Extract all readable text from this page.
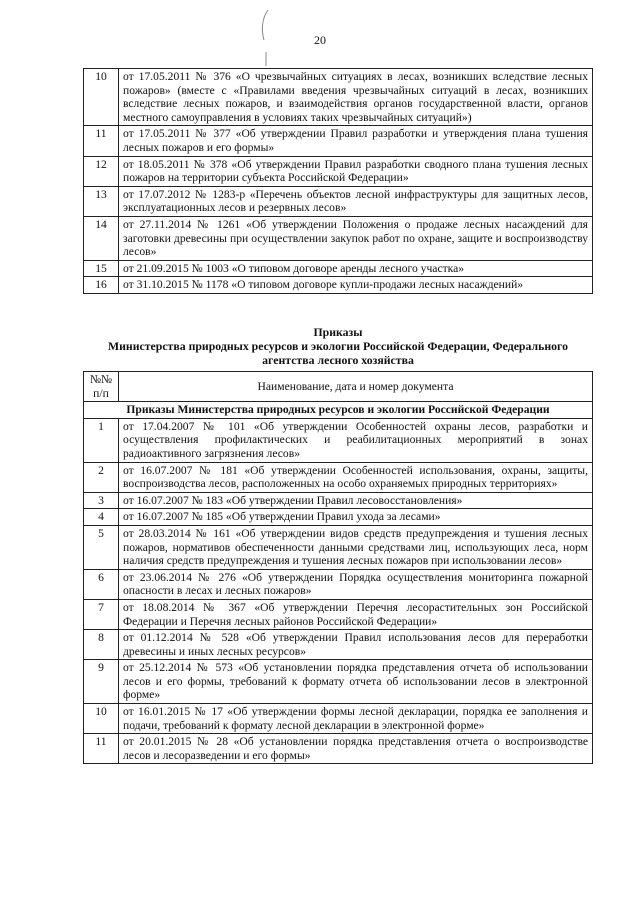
20
10	от 17.05.2011 № 376 «О чрезвычайных ситуациях в лесах, возникших вследствие лесных пожаров» (вместе с «Правилами введения чрезвычайных ситуаций в лесах, возникших вследствие лесных пожаров, и взаимодействия органов государственной власти, органов местного самоуправления в условиях таких чрезвычайных ситуаций»)
11	от 17.05.2011 № 377 «Об утверждении Правил разработки и утверждения плана тушения лесных пожаров и его формы»
12	от 18.05.2011 № 378 «Об утверждении Правил разработки сводного плана тушения лесных пожаров на территории субъекта Российской Федерации»
13	от 17.07.2012 № 1283-р «Перечень объектов лесной инфраструктуры для защитных лесов, эксплуатационных лесов и резервных лесов»
14	от 27.11.2014 № 1261 «Об утверждении Положения о продаже лесных насаждений для заготовки древесины при осуществлении закупок работ по охране, защите и воспроизводству лесов»
15	от 21.09.2015 № 1003 «О типовом договоре аренды лесного участка»
16	от 31.10.2015 № 1178 «О типовом договоре купли-продажи лесных насаждений»
Приказы
Министерства природных ресурсов и экологии Российской Федерации, Федерального
агентства лесного хозяйства
№№ п/п	Наименование, дата и номер документа
Приказы Министерства природных ресурсов и экологии Российской Федерации	
1	от 17.04.2007 № 101 «Об утверждении Особенностей охраны лесов, разработки и осуществления профилактических и реабилитационных мероприятий в зонах радиоактивного загрязнения лесов»
2	от 16.07.2007 № 181 «Об утверждении Особенностей использования, охраны, защиты, воспроизводства лесов, расположенных на особо охраняемых природных территориях»
3	от 16.07.2007 № 183 «Об утверждении Правил лесовосстановления»
4	от 16.07.2007 № 185 «Об утверждении Правил ухода за лесами»
5	от 28.03.2014 № 161 «Об утверждении видов средств предупреждения и тушения лесных пожаров, нормативов обеспеченности данными средствами лиц, использующих леса, норм наличия средств предупреждения и тушения лесных пожаров при использовании лесов»
6	от 23.06.2014 № 276 «Об утверждении Порядка осуществления мониторинга пожарной опасности в лесах и лесных пожаров»
7	от 18.08.2014 № 367 «Об утверждении Перечня лесорастительных зон Российской Федерации и Перечня лесных районов Российской Федерации»
8	от 01.12.2014 № 528 «Об утверждении Правил использования лесов для переработки древесины и иных лесных ресурсов»
9	от 25.12.2014 № 573 «Об установлении порядка представления отчета об использовании лесов и его формы, требований к формату отчета об использовании лесов в электронной форме»
10	от 16.01.2015 № 17 «Об утверждении формы лесной декларации, порядка ее заполнения и подачи, требований к формату лесной декларации в электронной форме»
11	от 20.01.2015 № 28 «Об установлении порядка представления отчета о воспроизводстве лесов и лесоразведении и его формы»
